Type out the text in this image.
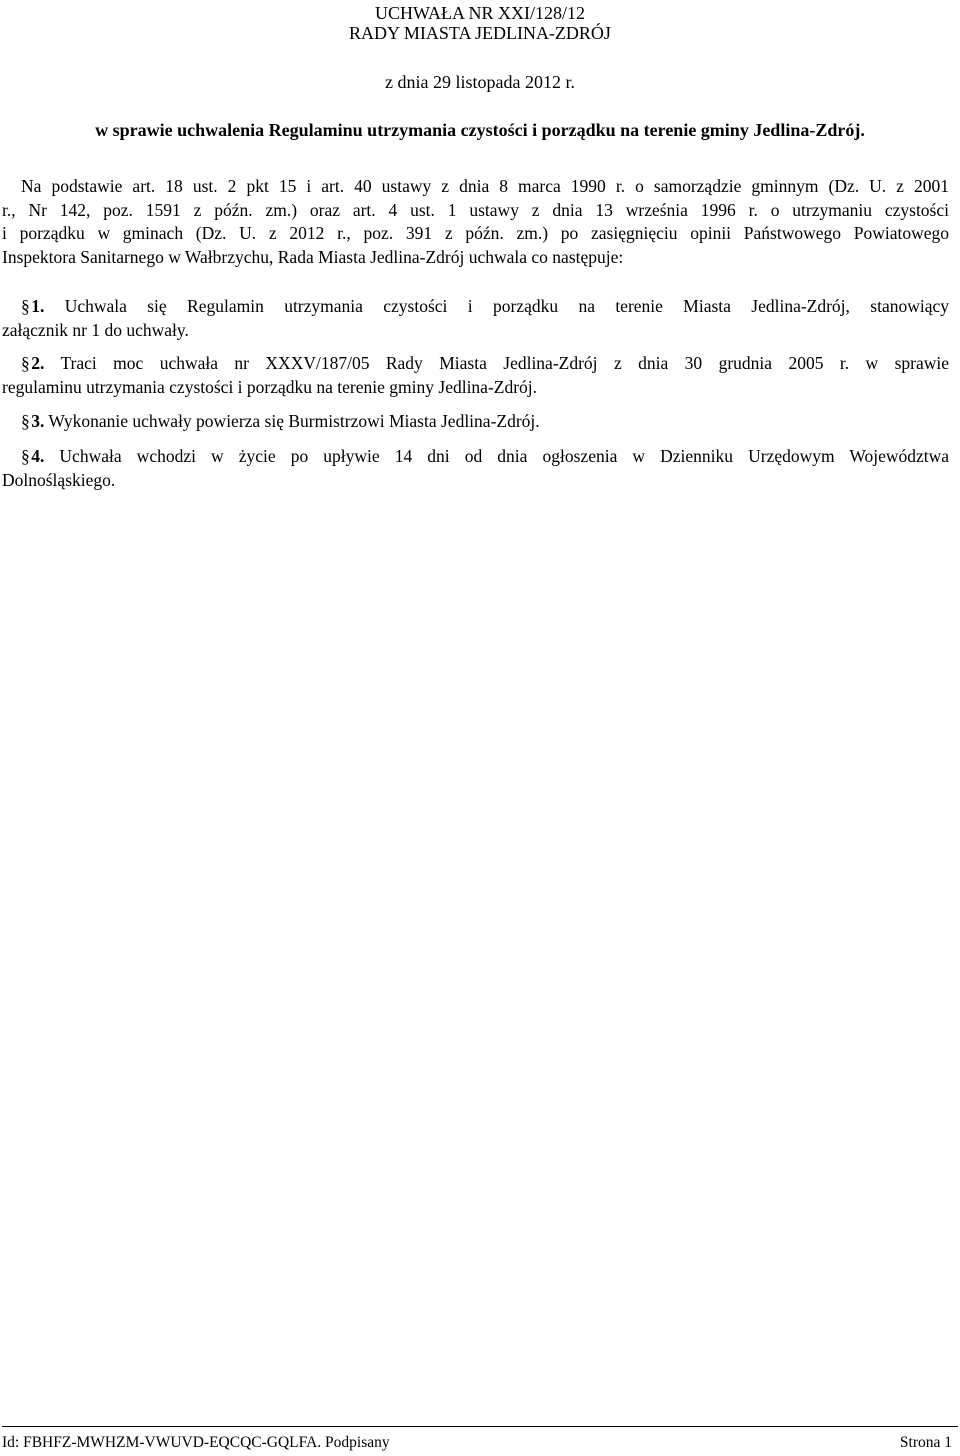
UCHWAŁA NR XXI/128/12
RADY MIASTA JEDLINA-ZDRÓJ
z dnia 29 listopada 2012 r.
w sprawie uchwalenia Regulaminu utrzymania czystości i porządku na terenie gminy Jedlina-Zdrój.
Na podstawie art. 18 ust. 2 pkt 15 i art. 40 ustawy z dnia 8 marca 1990 r. o samorządzie gminnym (Dz. U. z 2001
r., Nr 142, poz. 1591 z późn. zm.) oraz art. 4 ust. 1 ustawy z dnia 13 września 1996 r. o utrzymaniu czystości
i porządku w gminach (Dz. U. z 2012 r., poz. 391 z późn. zm.) po zasięgnięciu opinii Państwowego Powiatowego
Inspektora Sanitarnego w Wałbrzychu, Rada Miasta Jedlina-Zdrój uchwala co następuje:
§ 1. Uchwala się Regulamin utrzymania czystości i porządku na terenie Miasta Jedlina-Zdrój, stanowiący
załącznik nr 1 do uchwały.
§ 2. Traci moc uchwała nr XXXV/187/05 Rady Miasta Jedlina-Zdrój z dnia 30 grudnia 2005 r. w sprawie
regulaminu utrzymania czystości i porządku na terenie gminy Jedlina-Zdrój.
§ 3. Wykonanie uchwały powierza się Burmistrzowi Miasta Jedlina-Zdrój.
§ 4. Uchwała wchodzi w życie po upływie 14 dni od dnia ogłoszenia w Dzienniku Urzędowym Województwa
Dolnośląskiego.
Id: FBHFZ-MWHZM-VWUVD-EQCQC-GQLFA. Podpisany	Strona 1
